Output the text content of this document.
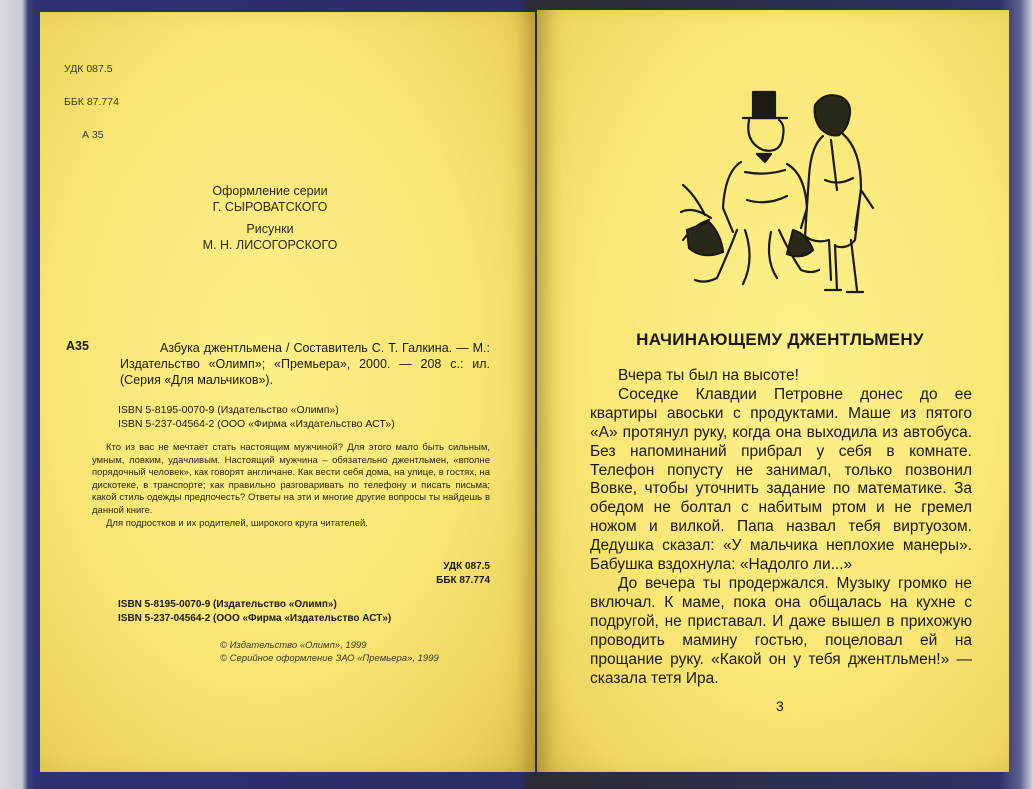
УДК 087.5

ББК 87.774

А 35

Оформление серии
Г. СЫРОВАТСКОГО
Рисунки
М. Н. ЛИСОГОРСКОГО
А35	Азбука джентльмена / Составитель С. Т. Галкина. — М.: Издательство «Олимп»; «Премьера», 2000. — 208 с.: ил. (Серия «Для мальчиков»).
ISBN 5-8195-0070-9 (Издательство «Олимп»)
ISBN 5-237-04564-2 (ООО «Фирма «Издательство АСТ»)

Кто из вас не мечтает стать настоящим мужчиной? Для этого мало быть сильным, умным, ловким, удачливым. Настоящий мужчина – обязательно джентльмен, «вполне порядочный человек», как говорят англичане. Как вести себя дома, на улице, в гостях, на дискотеке, в транспорте; как правильно разговаривать по телефону и писать письма; какой стиль одежды предпочесть? Ответы на эти и многие другие вопросы ты найдешь в данной книге.

Для подростков и их родителей, широкого круга читателей.

УДК 087.5
ББК 87.774
ISBN 5-8195-0070-9 (Издательство «Олимп»)
ISBN 5-237-04564-2 (ООО «Фирма «Издательство АСТ»)
© Издательство «Олимп», 1999
© Серийное оформление ЗАО «Премьера», 1999
НАЧИНАЮЩЕМУ ДЖЕНТЛЬМЕНУ

Вчера ты был на высоте!

Соседке Клавдии Петровне донес до ее квартиры авоськи с продуктами. Маше из пятого «А» протянул руку, когда она выходила из автобуса. Без напоминаний прибрал у себя в комнате. Телефон попусту не занимал, только позвонил Вовке, чтобы уточнить задание по математике. За обедом не болтал с набитым ртом и не гремел ножом и вилкой. Папа назвал тебя виртуозом. Дедушка сказал: «У мальчика неплохие манеры». Бабушка вздохнула: «Надолго ли...»

До вечера ты продержался. Музыку громко не включал. К маме, пока она общалась на кухне с подругой, не приставал. И даже вышел в прихожую проводить мамину гостью, поцеловал ей на прощание руку. «Какой он у тебя джентльмен!» — сказала тетя Ира.

3
